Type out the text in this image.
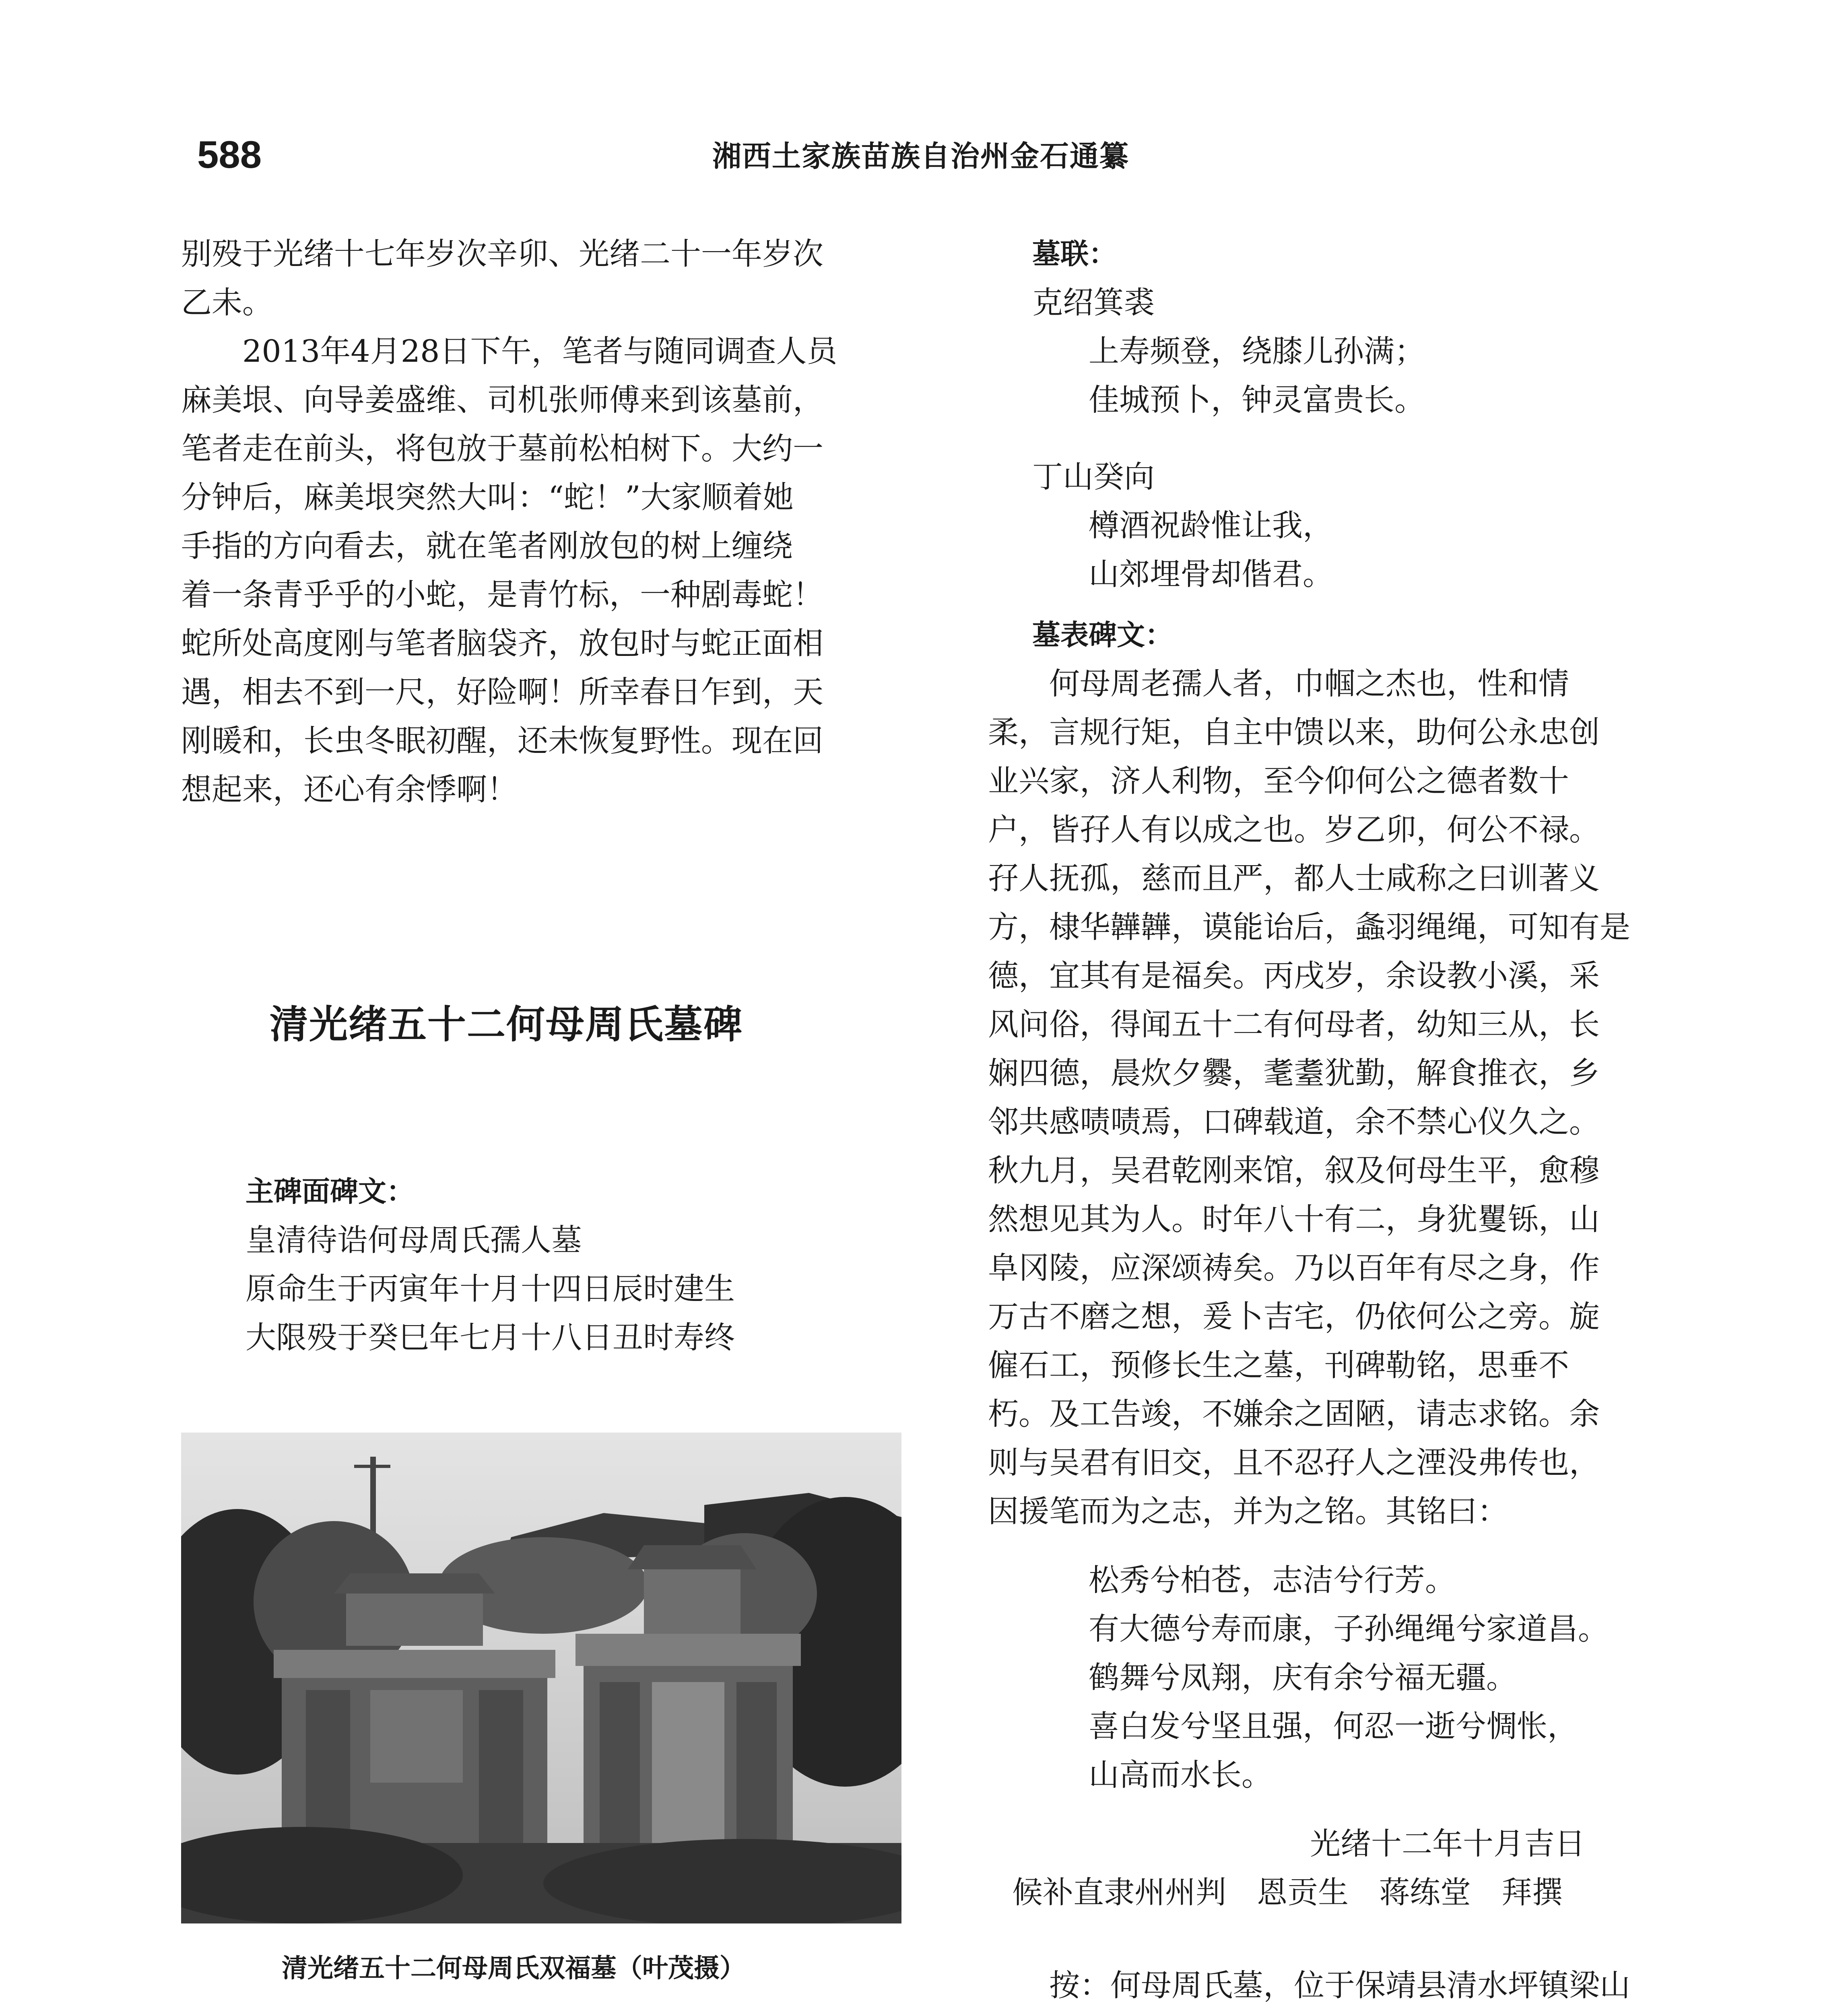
588	湘西土家族苗族自治州金石通纂
别殁于光绪十七年岁次辛卯、光绪二十一年岁次
乙未。
　　2013年4月28日下午，笔者与随同调查人员
麻美垠、向导姜盛维、司机张师傅来到该墓前，
笔者走在前头，将包放于墓前松柏树下。大约一
分钟后，麻美垠突然大叫：“蛇！”大家顺着她
手指的方向看去，就在笔者刚放包的树上缠绕
着一条青乎乎的小蛇，是青竹标，一种剧毒蛇！
蛇所处高度刚与笔者脑袋齐，放包时与蛇正面相
遇，相去不到一尺，好险啊！所幸春日乍到，天
刚暖和，长虫冬眠初醒，还未恢复野性。现在回
想起来，还心有余悸啊！
清光绪五十二何母周氏墓碑
主碑面碑文：
皇清待诰何母周氏孺人墓
原命生于丙寅年十月十四日辰时建生
大限殁于癸巳年七月十八日丑时寿终
清光绪五十二何母周氏双福墓（叶茂摄）
墓联：
克绍箕裘
上寿频登，绕膝儿孙满；
佳城预卜，钟灵富贵长。
丁山癸向
樽酒祝龄惟让我，
山郊埋骨却偕君。
墓表碑文：
　　何母周老孺人者，巾帼之杰也，性和情
柔，言规行矩，自主中馈以来，助何公永忠创
业兴家，济人利物，至今仰何公之德者数十
户，皆孖人有以成之也。岁乙卯，何公不禄。
孖人抚孤，慈而且严，都人士咸称之曰训著义
方，棣华韡韡，谟能诒后，螽羽绳绳，可知有是
德，宜其有是福矣。丙戌岁，余设教小溪，采
风问俗，得闻五十二有何母者，幼知三从，长
娴四德，晨炊夕爨，耄耋犹勤，解食推衣，乡
邻共感啧啧焉，口碑载道，余不禁心仪久之。
秋九月，吴君乾刚来馆，叙及何母生平，愈穆
然想见其为人。时年八十有二，身犹矍铄，山
阜冈陵，应深颂祷矣。乃以百年有尽之身，作
万古不磨之想，爰卜吉宅，仍依何公之旁。旋
僱石工，预修长生之墓，刊碑勒铭，思垂不
朽。及工告竣，不嫌余之固陋，请志求铭。余
则与吴君有旧交，且不忍孖人之湮没弗传也，
因援笔而为之志，并为之铭。其铭曰：
松秀兮柏苍，志洁兮行芳。
有大德兮寿而康，子孙绳绳兮家道昌。
鹤舞兮凤翔，庆有余兮福无疆。
喜白发兮坚且强，何忍一逝兮惆怅，
山高而水长。
光绪十二年十月吉日
候补直隶州州判　恩贡生　蒋练堂　拜撰
　　按：何母周氏墓，位于保靖县清水坪镇梁山
